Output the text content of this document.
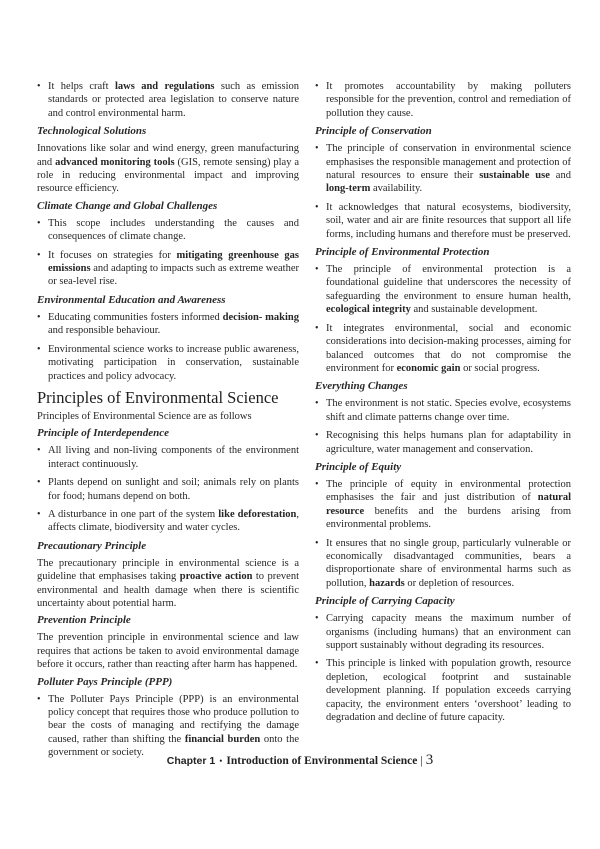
• It helps craft laws and regulations such as emission standards or protected area legislation to conserve nature and control environmental harm.
Technological Solutions
Innovations like solar and wind energy, green manufacturing and advanced monitoring tools (GIS, remote sensing) play a role in reducing environmental impact and improving resource efficiency.
Climate Change and Global Challenges
• This scope includes understanding the causes and consequences of climate change.
• It focuses on strategies for mitigating greenhouse gas emissions and adapting to impacts such as extreme weather or sea-level rise.
Environmental Education and Awareness
• Educating communities fosters informed decision- making and responsible behaviour.
• Environmental science works to increase public awareness, motivating participation in conservation, sustainable practices and policy advocacy.
Principles of Environmental Science
Principles of Environmental Science are as follows
Principle of Interdependence
• All living and non-living components of the environment interact continuously.
• Plants depend on sunlight and soil; animals rely on plants for food; humans depend on both.
• A disturbance in one part of the system like deforestation, affects climate, biodiversity and water cycles.
Precautionary Principle
The precautionary principle in environmental science is a guideline that emphasises taking proactive action to prevent environmental and health damage when there is scientific uncertainty about potential harm.
Prevention Principle
The prevention principle in environmental science and law requires that actions be taken to avoid environmental damage before it occurs, rather than reacting after harm has happened.
Polluter Pays Principle (PPP)
• The Polluter Pays Principle (PPP) is an environmental policy concept that requires those who produce pollution to bear the costs of managing and rectifying the damage caused, rather than shifting the financial burden onto the government or society.
• It promotes accountability by making polluters responsible for the prevention, control and remediation of pollution they cause.
Principle of Conservation
• The principle of conservation in environmental science emphasises the responsible management and protection of natural resources to ensure their sustainable use and long-term availability.
• It acknowledges that natural ecosystems, biodiversity, soil, water and air are finite resources that support all life forms, including humans and therefore must be preserved.
Principle of Environmental Protection
• The principle of environmental protection is a foundational guideline that underscores the necessity of safeguarding the environment to ensure human health, ecological integrity and sustainable development.
• It integrates environmental, social and economic considerations into decision-making processes, aiming for balanced outcomes that do not compromise the environment for economic gain or social progress.
Everything Changes
• The environment is not static. Species evolve, ecosystems shift and climate patterns change over time.
• Recognising this helps humans plan for adaptability in agriculture, water management and conservation.
Principle of Equity
• The principle of equity in environmental protection emphasises the fair and just distribution of natural resource benefits and the burdens arising from environmental problems.
• It ensures that no single group, particularly vulnerable or economically disadvantaged communities, bears a disproportionate share of environmental harms such as pollution, hazards or depletion of resources.
Principle of Carrying Capacity
• Carrying capacity means the maximum number of organisms (including humans) that an environment can support sustainably without degrading its resources.
• This principle is linked with population growth, resource depletion, ecological footprint and sustainable development planning. If population exceeds carrying capacity, the environment enters ‘overshoot’ leading to degradation and decline of future capacity.
Chapter 1 • Introduction of Environmental Science | 3
